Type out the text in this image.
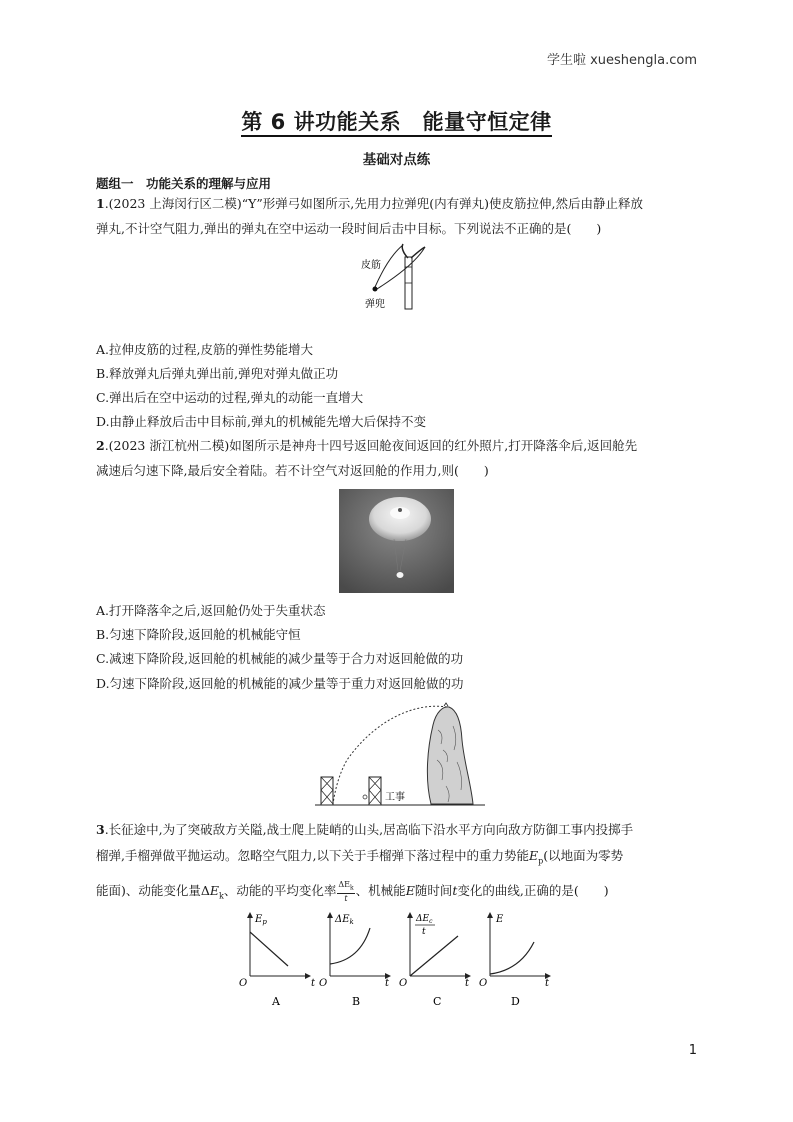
学生啦 xueshengla.com
第 6 讲功能关系　能量守恒定律
基础对点练
题组一　功能关系的理解与应用
1.(2023 上海闵行区二模)“Y”形弹弓如图所示,先用力拉弹兜(内有弹丸)使皮筋拉伸,然后由静止释放
弹丸,不计空气阻力,弹出的弹丸在空中运动一段时间后击中目标。下列说法不正确的是(　　)
皮筋
弹兜
A.拉伸皮筋的过程,皮筋的弹性势能增大
B.释放弹丸后弹丸弹出前,弹兜对弹丸做正功
C.弹出后在空中运动的过程,弹丸的动能一直增大
D.由静止释放后击中目标前,弹丸的机械能先增大后保持不变
2.(2023 浙江杭州二模)如图所示是神舟十四号返回舱夜间返回的红外照片,打开降落伞后,返回舱先
减速后匀速下降,最后安全着陆。若不计空气对返回舱的作用力,则(　　)
A.打开降落伞之后,返回舱仍处于失重状态
B.匀速下降阶段,返回舱的机械能守恒
C.减速下降阶段,返回舱的机械能的减少量等于合力对返回舱做的功
D.匀速下降阶段,返回舱的机械能的减少量等于重力对返回舱做的功
工事
3.长征途中,为了突破敌方关隘,战士爬上陡峭的山头,居高临下沿水平方向向敌方防御工事内投掷手
榴弹,手榴弹做平抛运动。忽略空气阻力,以下关于手榴弹下落过程中的重力势能$E_p$(以地面为零势
能面)、动能变化量$\Delta E_k$、动能的平均变化率 $\frac{\Delta E_k}{t}$ 、机械能E随时间t变化的曲线,正确的是(　　)
$E_p$
O	t
A
$\Delta E_k$
O	t
B
$\Delta E_c$
t
O	t
C
E
O	t
D
1
